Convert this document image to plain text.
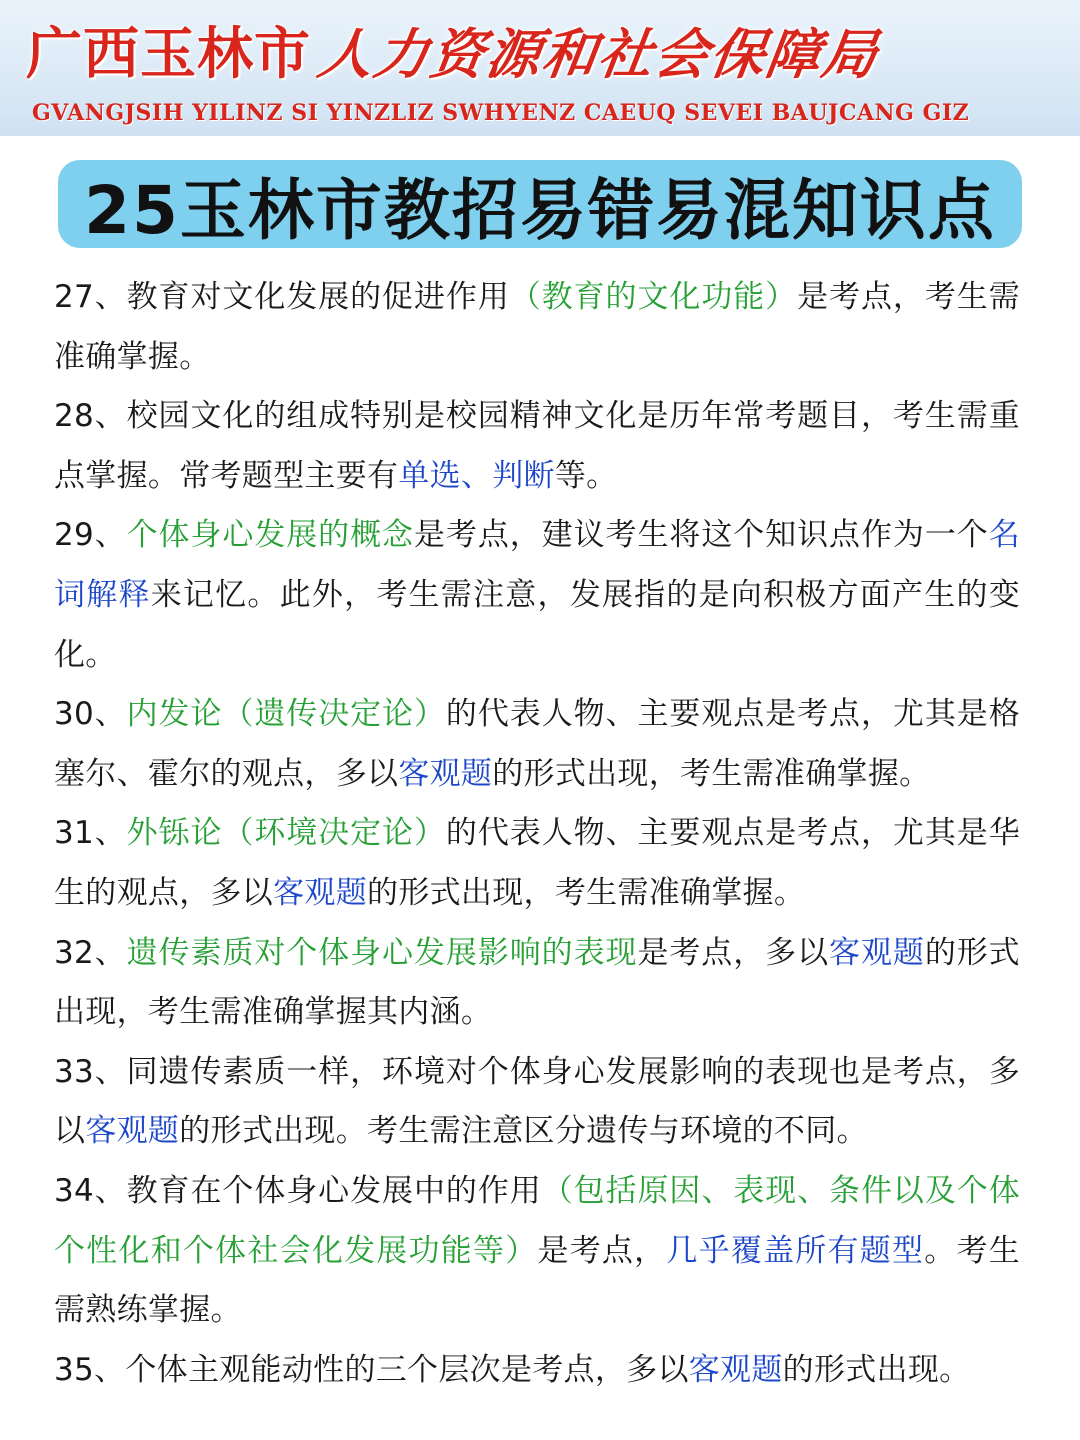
广西玉林市 人力资源和社会保障局
GVANGJSIH YILINZ SI YINZLIZ SWHYENZ CAEUQ SEVEI BAUJCANG GIZ
25玉林市教招易错易混知识点

27、教育对文化发展的促进作用（教育的文化功能）是考点，考生需准确掌握。

28、校园文化的组成特别是校园精神文化是历年常考题目，考生需重点掌握。常考题型主要有单选、判断等。

29、个体身心发展的概念是考点，建议考生将这个知识点作为一个名词解释来记忆。此外，考生需注意，发展指的是向积极方面产生的变化。

30、内发论（遗传决定论）的代表人物、主要观点是考点，尤其是格塞尔、霍尔的观点，多以客观题的形式出现，考生需准确掌握。

31、外铄论（环境决定论）的代表人物、主要观点是考点，尤其是华生的观点，多以客观题的形式出现，考生需准确掌握。

32、遗传素质对个体身心发展影响的表现是考点，多以客观题的形式出现，考生需准确掌握其内涵。

33、同遗传素质一样，环境对个体身心发展影响的表现也是考点，多以客观题的形式出现。考生需注意区分遗传与环境的不同。

34、教育在个体身心发展中的作用（包括原因、表现、条件以及个体个性化和个体社会化发展功能等）是考点，几乎覆盖所有题型。考生需熟练掌握。

35、个体主观能动性的三个层次是考点，多以客观题的形式出现。
